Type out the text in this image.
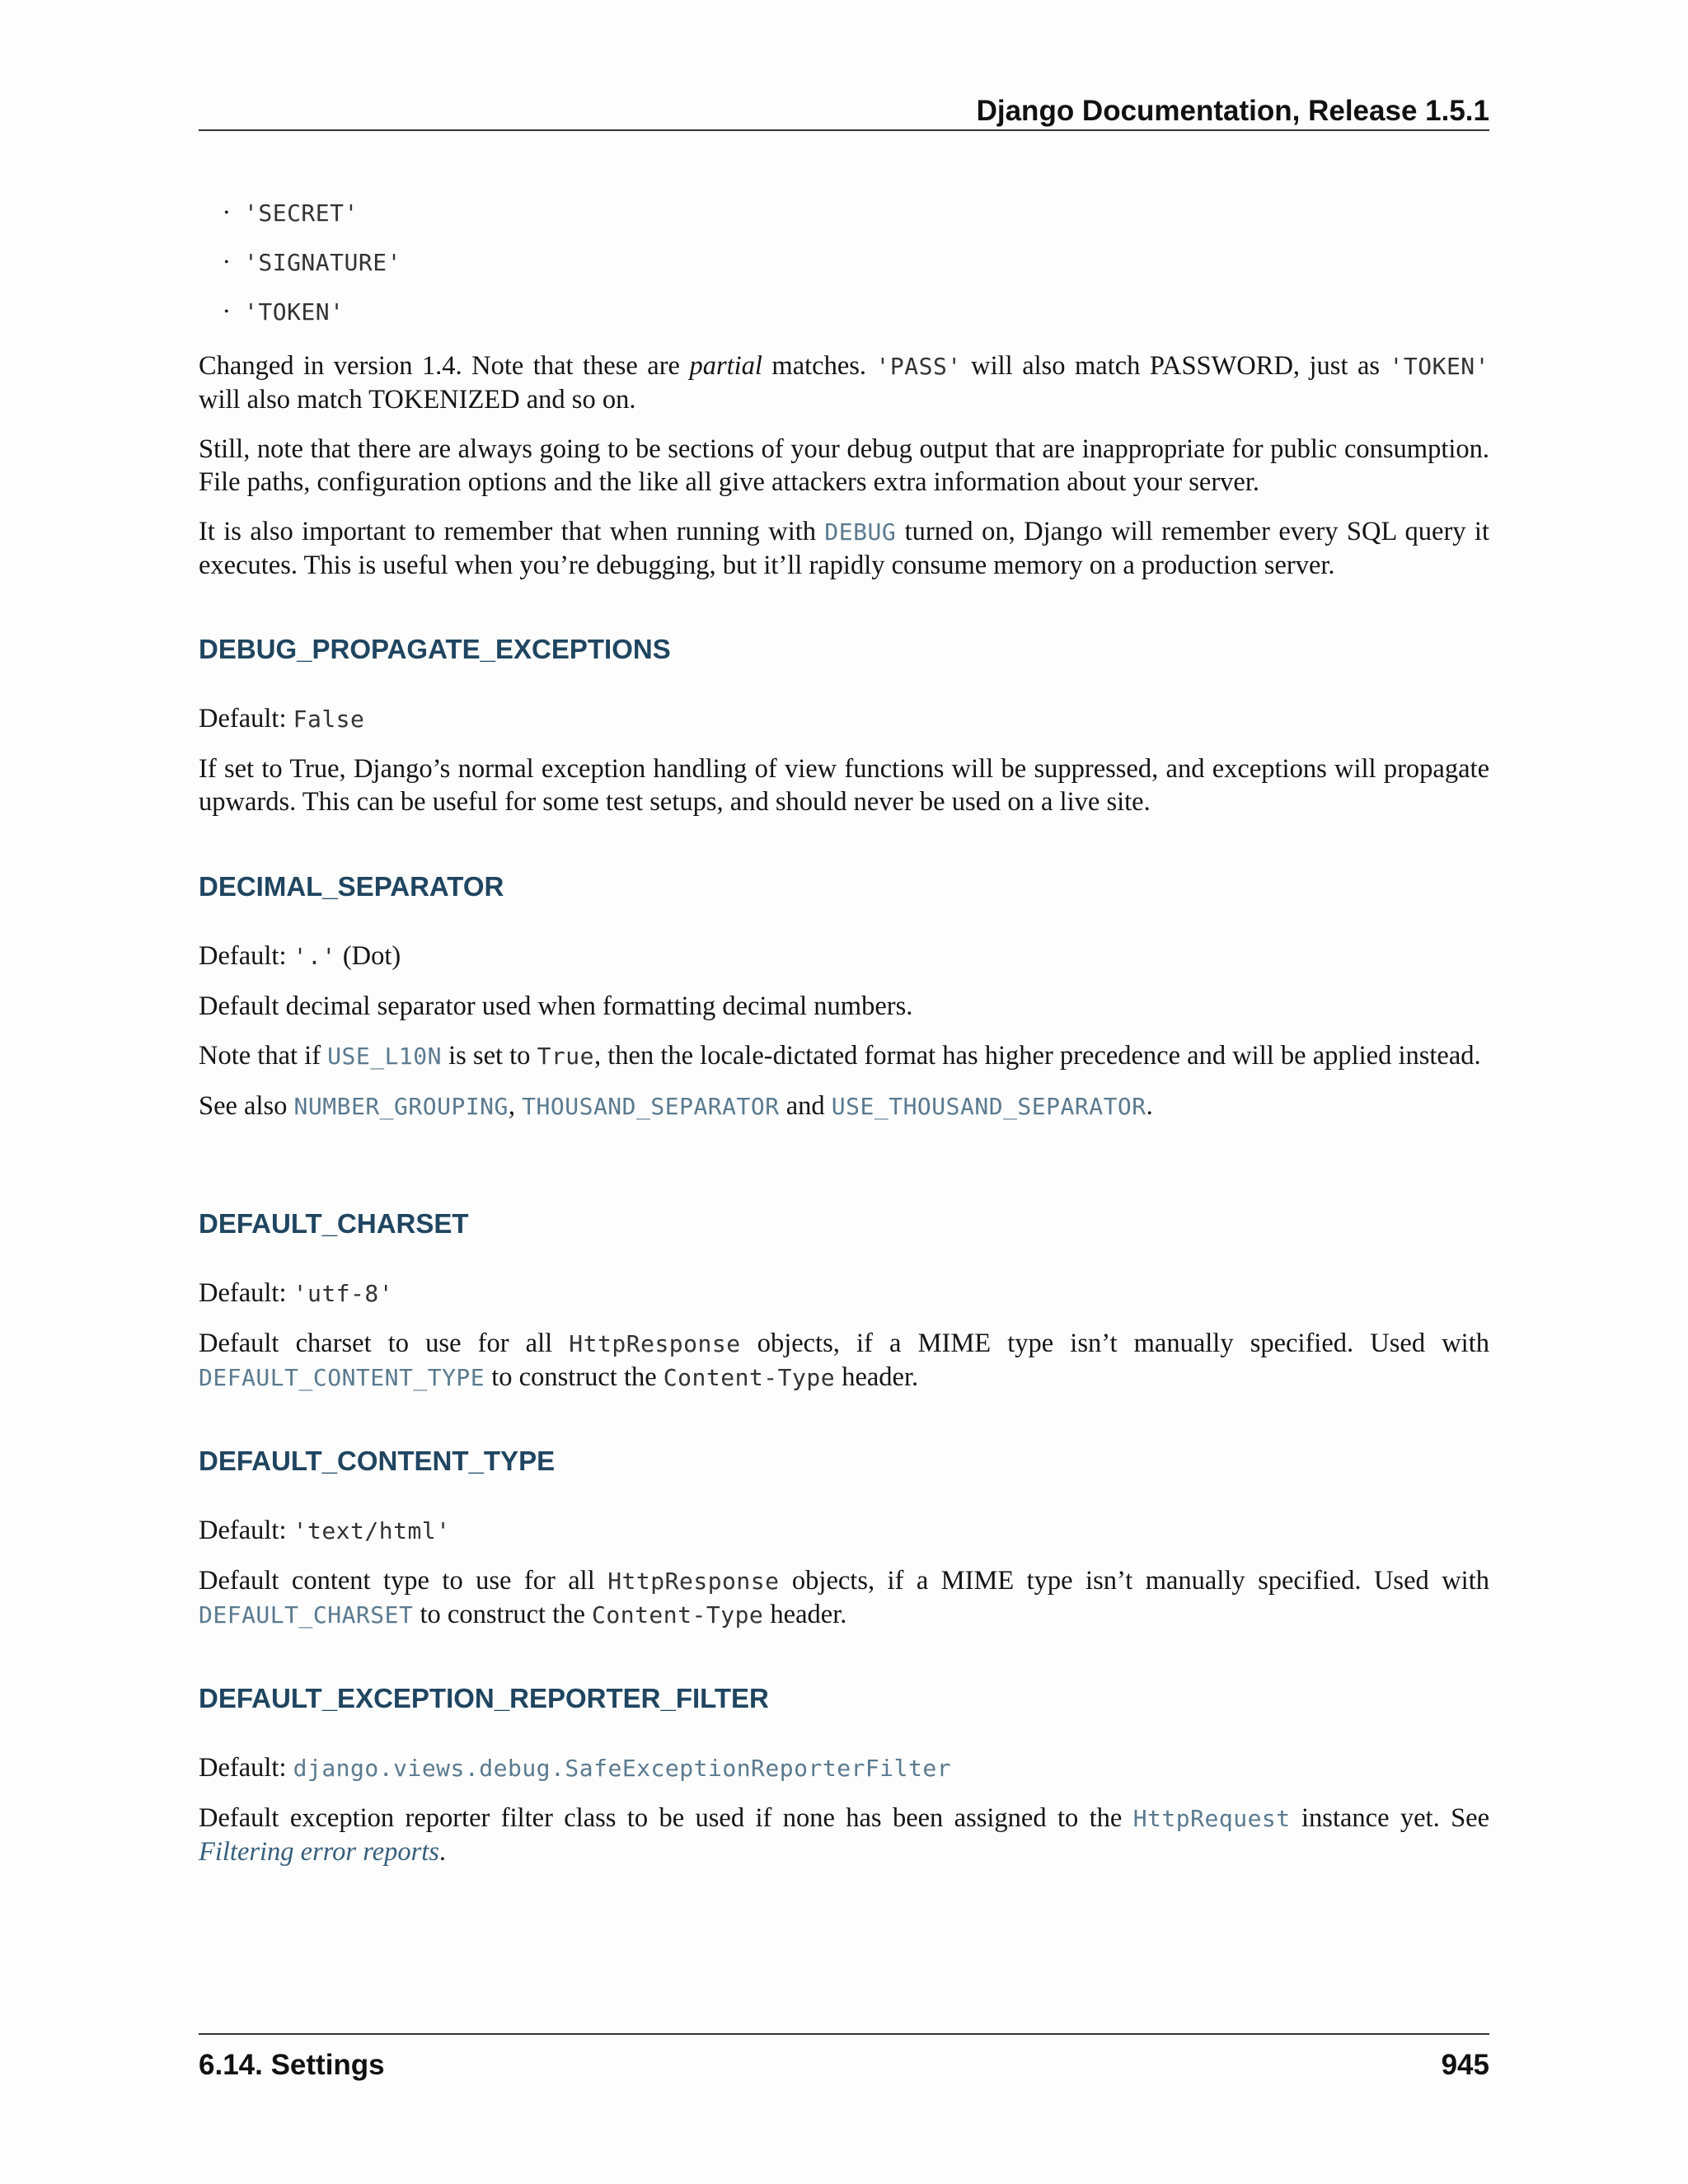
Django Documentation, Release 1.5.1
• 'SECRET'
• 'SIGNATURE'
• 'TOKEN'

Changed in version 1.4. Note that these are partial matches. 'PASS' will also match PASSWORD, just as 'TOKEN' will also match TOKENIZED and so on.

Still, note that there are always going to be sections of your debug output that are inappropriate for public consumption. File paths, configuration options and the like all give attackers extra information about your server.

It is also important to remember that when running with DEBUG turned on, Django will remember every SQL query it executes. This is useful when you’re debugging, but it’ll rapidly consume memory on a production server.

DEBUG_PROPAGATE_EXCEPTIONS

Default: False

If set to True, Django’s normal exception handling of view functions will be suppressed, and exceptions will propagate upwards. This can be useful for some test setups, and should never be used on a live site.

DECIMAL_SEPARATOR

Default: '.' (Dot)

Default decimal separator used when formatting decimal numbers.

Note that if USE_L10N is set to True, then the locale-dictated format has higher precedence and will be applied instead.

See also NUMBER_GROUPING, THOUSAND_SEPARATOR and USE_THOUSAND_SEPARATOR.

DEFAULT_CHARSET

Default: 'utf-8'

Default charset to use for all HttpResponse objects, if a MIME type isn’t manually specified. Used with DEFAULT_CONTENT_TYPE to construct the Content-Type header.

DEFAULT_CONTENT_TYPE

Default: 'text/html'

Default content type to use for all HttpResponse objects, if a MIME type isn’t manually specified. Used with DEFAULT_CHARSET to construct the Content-Type header.

DEFAULT_EXCEPTION_REPORTER_FILTER

Default: django.views.debug.SafeExceptionReporterFilter

Default exception reporter filter class to be used if none has been assigned to the HttpRequest instance yet. See Filtering error reports.

6.14. Settings	945
